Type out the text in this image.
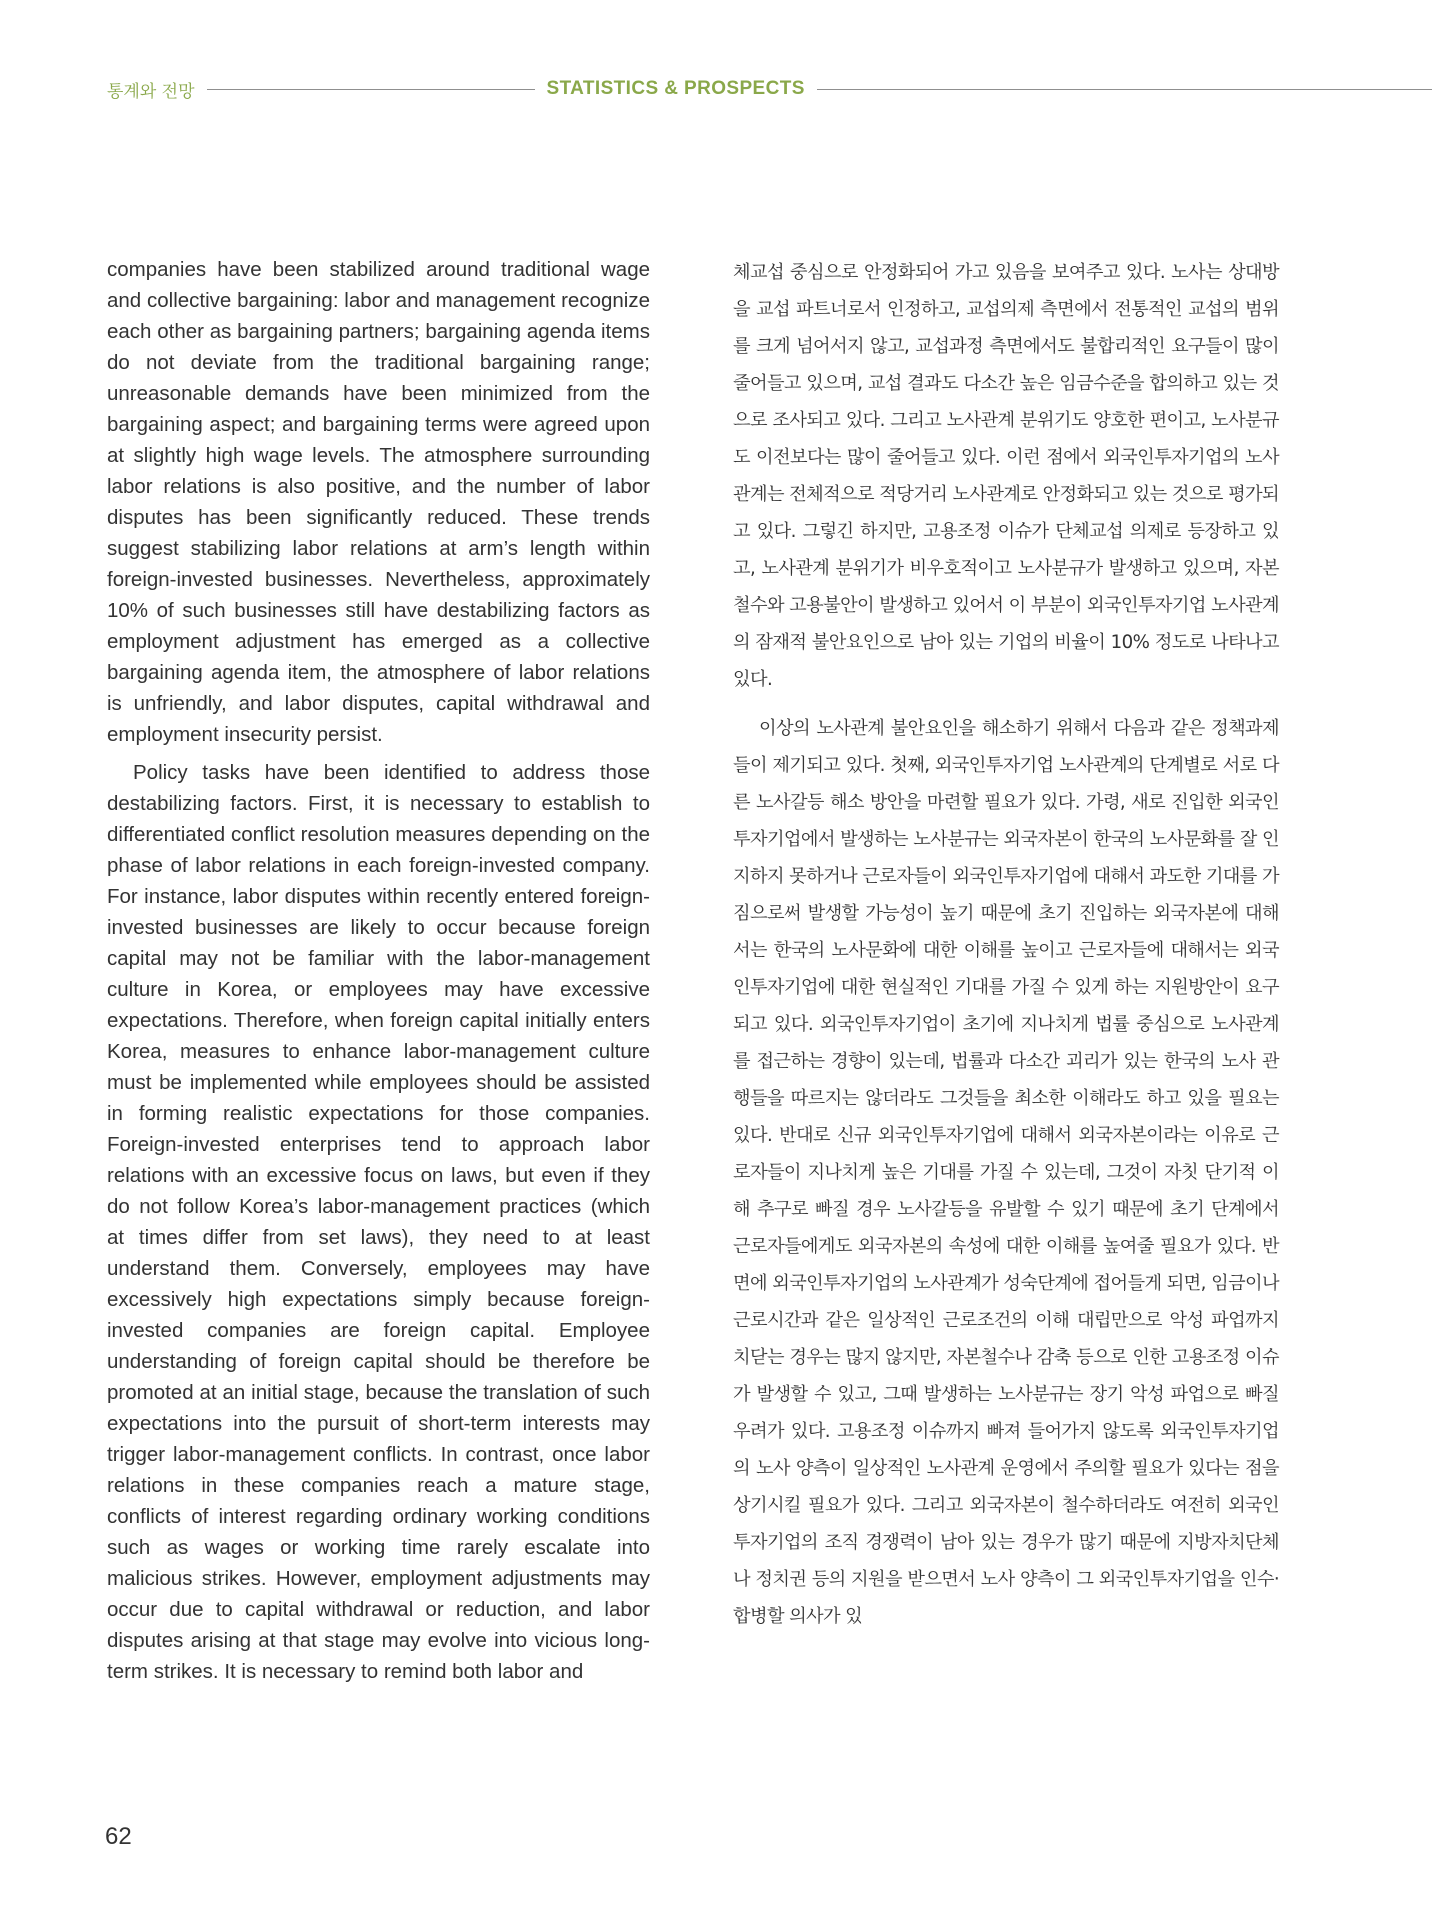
통계와 전망	STATISTICS & PROSPECTS

companies have been stabilized around traditional wage and collective bargaining: labor and management recognize each other as bargaining partners; bargaining agenda items do not deviate from the traditional bargaining range; unreasonable demands have been minimized from the bargaining aspect; and bargaining terms were agreed upon at slightly high wage levels. The atmosphere surrounding labor relations is also positive, and the number of labor disputes has been significantly reduced. These trends suggest stabilizing labor relations at arm’s length within foreign-invested businesses. Nevertheless, approximately 10% of such businesses still have destabilizing factors as employment adjustment has emerged as a collective bargaining agenda item, the atmosphere of labor relations is unfriendly, and labor disputes, capital withdrawal and employment insecurity persist.

Policy tasks have been identified to address those destabilizing factors. First, it is necessary to establish to differentiated conflict resolution measures depending on the phase of labor relations in each foreign-invested company. For instance, labor disputes within recently entered foreign-invested businesses are likely to occur because foreign capital may not be familiar with the labor-management culture in Korea, or employees may have excessive expectations. Therefore, when foreign capital initially enters Korea, measures to enhance labor-management culture must be implemented while employees should be assisted in forming realistic expectations for those companies. Foreign-invested enterprises tend to approach labor relations with an excessive focus on laws, but even if they do not follow Korea’s labor-management practices (which at times differ from set laws), they need to at least understand them. Conversely, employees may have excessively high expectations simply because foreign-invested companies are foreign capital. Employee understanding of foreign capital should be therefore be promoted at an initial stage, because the translation of such expectations into the pursuit of short-term interests may trigger labor-management conflicts. In contrast, once labor relations in these companies reach a mature stage, conflicts of interest regarding ordinary working conditions such as wages or working time rarely escalate into malicious strikes. However, employment adjustments may occur due to capital withdrawal or reduction, and labor disputes arising at that stage may evolve into vicious long-term strikes. It is necessary to remind both labor and

체교섭 중심으로 안정화되어 가고 있음을 보여주고 있다. 노사는 상대방을 교섭 파트너로서 인정하고, 교섭의제 측면에서 전통적인 교섭의 범위를 크게 넘어서지 않고, 교섭과정 측면에서도 불합리적인 요구들이 많이 줄어들고 있으며, 교섭 결과도 다소간 높은 임금수준을 합의하고 있는 것으로 조사되고 있다. 그리고 노사관계 분위기도 양호한 편이고, 노사분규도 이전보다는 많이 줄어들고 있다. 이런 점에서 외국인투자기업의 노사관계는 전체적으로 적당거리 노사관계로 안정화되고 있는 것으로 평가되고 있다. 그렇긴 하지만, 고용조정 이슈가 단체교섭 의제로 등장하고 있고, 노사관계 분위기가 비우호적이고 노사분규가 발생하고 있으며, 자본철수와 고용불안이 발생하고 있어서 이 부분이 외국인투자기업 노사관계의 잠재적 불안요인으로 남아 있는 기업의 비율이 10% 정도로 나타나고 있다.

이상의 노사관계 불안요인을 해소하기 위해서 다음과 같은 정책과제들이 제기되고 있다. 첫째, 외국인투자기업 노사관계의 단계별로 서로 다른 노사갈등 해소 방안을 마련할 필요가 있다. 가령, 새로 진입한 외국인투자기업에서 발생하는 노사분규는 외국자본이 한국의 노사문화를 잘 인지하지 못하거나 근로자들이 외국인투자기업에 대해서 과도한 기대를 가짐으로써 발생할 가능성이 높기 때문에 초기 진입하는 외국자본에 대해서는 한국의 노사문화에 대한 이해를 높이고 근로자들에 대해서는 외국인투자기업에 대한 현실적인 기대를 가질 수 있게 하는 지원방안이 요구되고 있다. 외국인투자기업이 초기에 지나치게 법률 중심으로 노사관계를 접근하는 경향이 있는데, 법률과 다소간 괴리가 있는 한국의 노사 관행들을 따르지는 않더라도 그것들을 최소한 이해라도 하고 있을 필요는 있다. 반대로 신규 외국인투자기업에 대해서 외국자본이라는 이유로 근로자들이 지나치게 높은 기대를 가질 수 있는데, 그것이 자칫 단기적 이해 추구로 빠질 경우 노사갈등을 유발할 수 있기 때문에 초기 단계에서 근로자들에게도 외국자본의 속성에 대한 이해를 높여줄 필요가 있다. 반면에 외국인투자기업의 노사관계가 성숙단계에 접어들게 되면, 임금이나 근로시간과 같은 일상적인 근로조건의 이해 대립만으로 악성 파업까지 치닫는 경우는 많지 않지만, 자본철수나 감축 등으로 인한 고용조정 이슈가 발생할 수 있고, 그때 발생하는 노사분규는 장기 악성 파업으로 빠질 우려가 있다. 고용조정 이슈까지 빠져 들어가지 않도록 외국인투자기업의 노사 양측이 일상적인 노사관계 운영에서 주의할 필요가 있다는 점을 상기시킬 필요가 있다. 그리고 외국자본이 철수하더라도 여전히 외국인투자기업의 조직 경쟁력이 남아 있는 경우가 많기 때문에 지방자치단체나 정치권 등의 지원을 받으면서 노사 양측이 그 외국인투자기업을 인수·합병할 의사가 있

62
